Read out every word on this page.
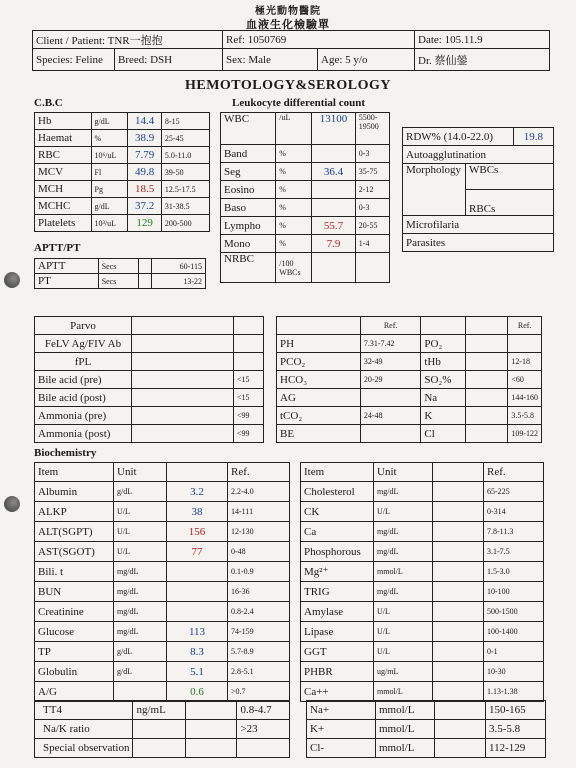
極光動物醫院
血液生化檢驗單
Client / Patient: TNR一抱抱		Ref: 1050769		Date: 105.11.9
Species: Feline	Breed: DSH	Sex: Male	Age: 5 y/o	Dr. 蔡仙鎣
HEMOTOLOGY&SEROLOGY
C.B.C
Hb	g/dL	14.4	8-15
Haemat	%	38.9	25-45
RBC	10⁶/uL	7.79	5.0-11.0
MCV	Fl	49.8	39-50
MCH	Pg	18.5	12.5-17.5
MCHC	g/dL	37.2	31-38.5
Platelets	10³/uL	129	200-500
APTT/PT
APTT	Secs		60-115
PT	Secs		13-22
Leukocyte differential count
WBC	/uL	13100	5500-
19500
Band	%		0-3
Seg	%	36.4	35-75
Eosino	%		2-12
Baso	%		0-3
Lympho	%	55.7	20-55
Mono	%	7.9	1-4
NRBC	/100
WBCs		
RDW% (14.0-22.0)		19.8
Autoagglutination		
Morphology	WBCs	
	RBCs	
Microfilaria		
Parasites		
Parvo		
FeLV Ag/FIV Ab		
fPL		
Bile acid (pre)		<15
Bile acid (post)		<15
Ammonia (pre)		<99
Ammonia (post)		<99
	Ref.			Ref.
PH	7.31-7.42	PO₂		
PCO₂	32-49	tHb		12-18
HCO₃	20-29	SO₂%		<60
AG		Na		144-160
tCO₂	24-48	K		3.5-5.8
BE		Cl		109-122
Biochemistry
Item	Unit		Ref.
Albumin	g/dL	3.2	2.2-4.0
ALKP	U/L	38	14-111
ALT(SGPT)	U/L	156	12-130
AST(SGOT)	U/L	77	0-48
Bili. t	mg/dL		0.1-0.9
BUN	mg/dL		16-36
Creatinine	mg/dL		0.8-2.4
Glucose	mg/dL	113	74-159
TP	g/dL	8.3	5.7-8.9
Globulin	g/dL	5.1	2.8-5.1
A/G		0.6	>0.7
Item	Unit		Ref.
Cholesterol	mg/dL		65-225
CK	U/L		0-314
Ca	mg/dL		7.8-11.3
Phosphorous	mg/dL		3.1-7.5
Mg²⁺	mmol/L		1.5-3.0
TRIG	mg/dL		10-100
Amylase	U/L		500-1500
Lipase	U/L		100-1400
GGT	U/L		0-1
PHBR	ug/mL		10-30
Ca++	mmol/L		1.13-1.38
TT4	ng/mL		0.8-4.7
Na/K ratio			>23
Special observation			
Na+	mmol/L		150-165
K+	mmol/L		3.5-5.8
Cl-	mmol/L		112-129
